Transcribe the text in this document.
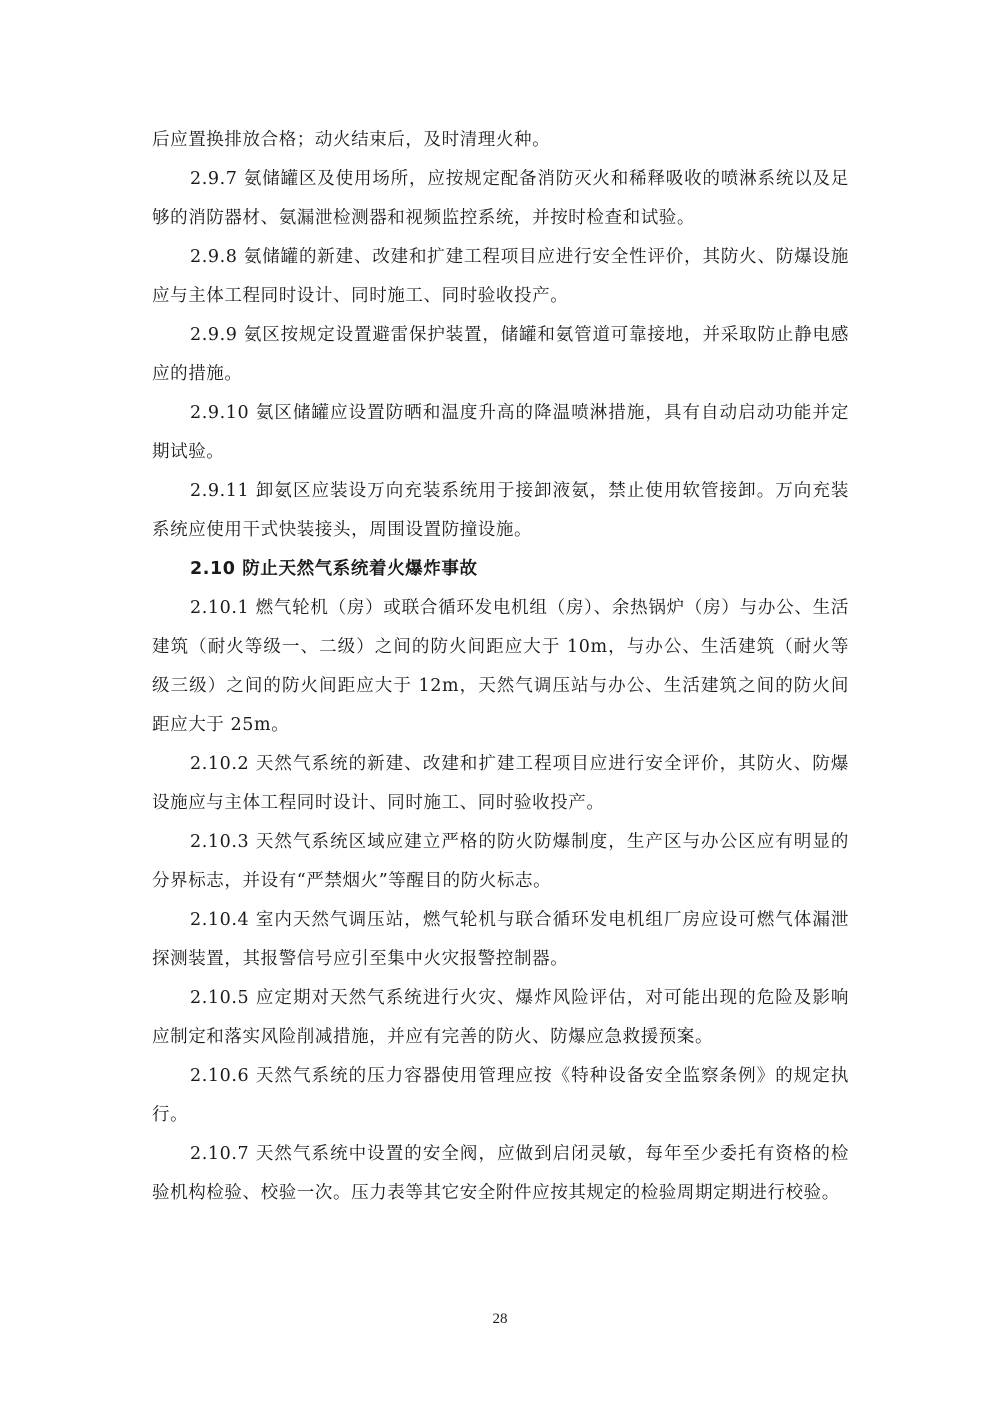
后应置换排放合格；动火结束后，及时清理火种。

2.9.7 氨储罐区及使用场所，应按规定配备消防灭火和稀释吸收的喷淋系统以及足够的消防器材、氨漏泄检测器和视频监控系统，并按时检查和试验。

2.9.8 氨储罐的新建、改建和扩建工程项目应进行安全性评价，其防火、防爆设施应与主体工程同时设计、同时施工、同时验收投产。

2.9.9 氨区按规定设置避雷保护装置，储罐和氨管道可靠接地，并采取防止静电感应的措施。

2.9.10 氨区储罐应设置防晒和温度升高的降温喷淋措施，具有自动启动功能并定期试验。

2.9.11 卸氨区应装设万向充装系统用于接卸液氨，禁止使用软管接卸。万向充装系统应使用干式快装接头，周围设置防撞设施。

2.10 防止天然气系统着火爆炸事故

2.10.1 燃气轮机（房）或联合循环发电机组（房）、余热锅炉（房）与办公、生活建筑（耐火等级一、二级）之间的防火间距应大于 10m，与办公、生活建筑（耐火等级三级）之间的防火间距应大于 12m，天然气调压站与办公、生活建筑之间的防火间距应大于 25m。

2.10.2 天然气系统的新建、改建和扩建工程项目应进行安全评价，其防火、防爆设施应与主体工程同时设计、同时施工、同时验收投产。

2.10.3 天然气系统区域应建立严格的防火防爆制度，生产区与办公区应有明显的分界标志，并设有“严禁烟火”等醒目的防火标志。

2.10.4 室内天然气调压站，燃气轮机与联合循环发电机组厂房应设可燃气体漏泄探测装置，其报警信号应引至集中火灾报警控制器。

2.10.5 应定期对天然气系统进行火灾、爆炸风险评估，对可能出现的危险及影响应制定和落实风险削减措施，并应有完善的防火、防爆应急救援预案。

2.10.6 天然气系统的压力容器使用管理应按《特种设备安全监察条例》的规定执行。

2.10.7 天然气系统中设置的安全阀，应做到启闭灵敏，每年至少委托有资格的检验机构检验、校验一次。压力表等其它安全附件应按其规定的检验周期定期进行校验。

28
